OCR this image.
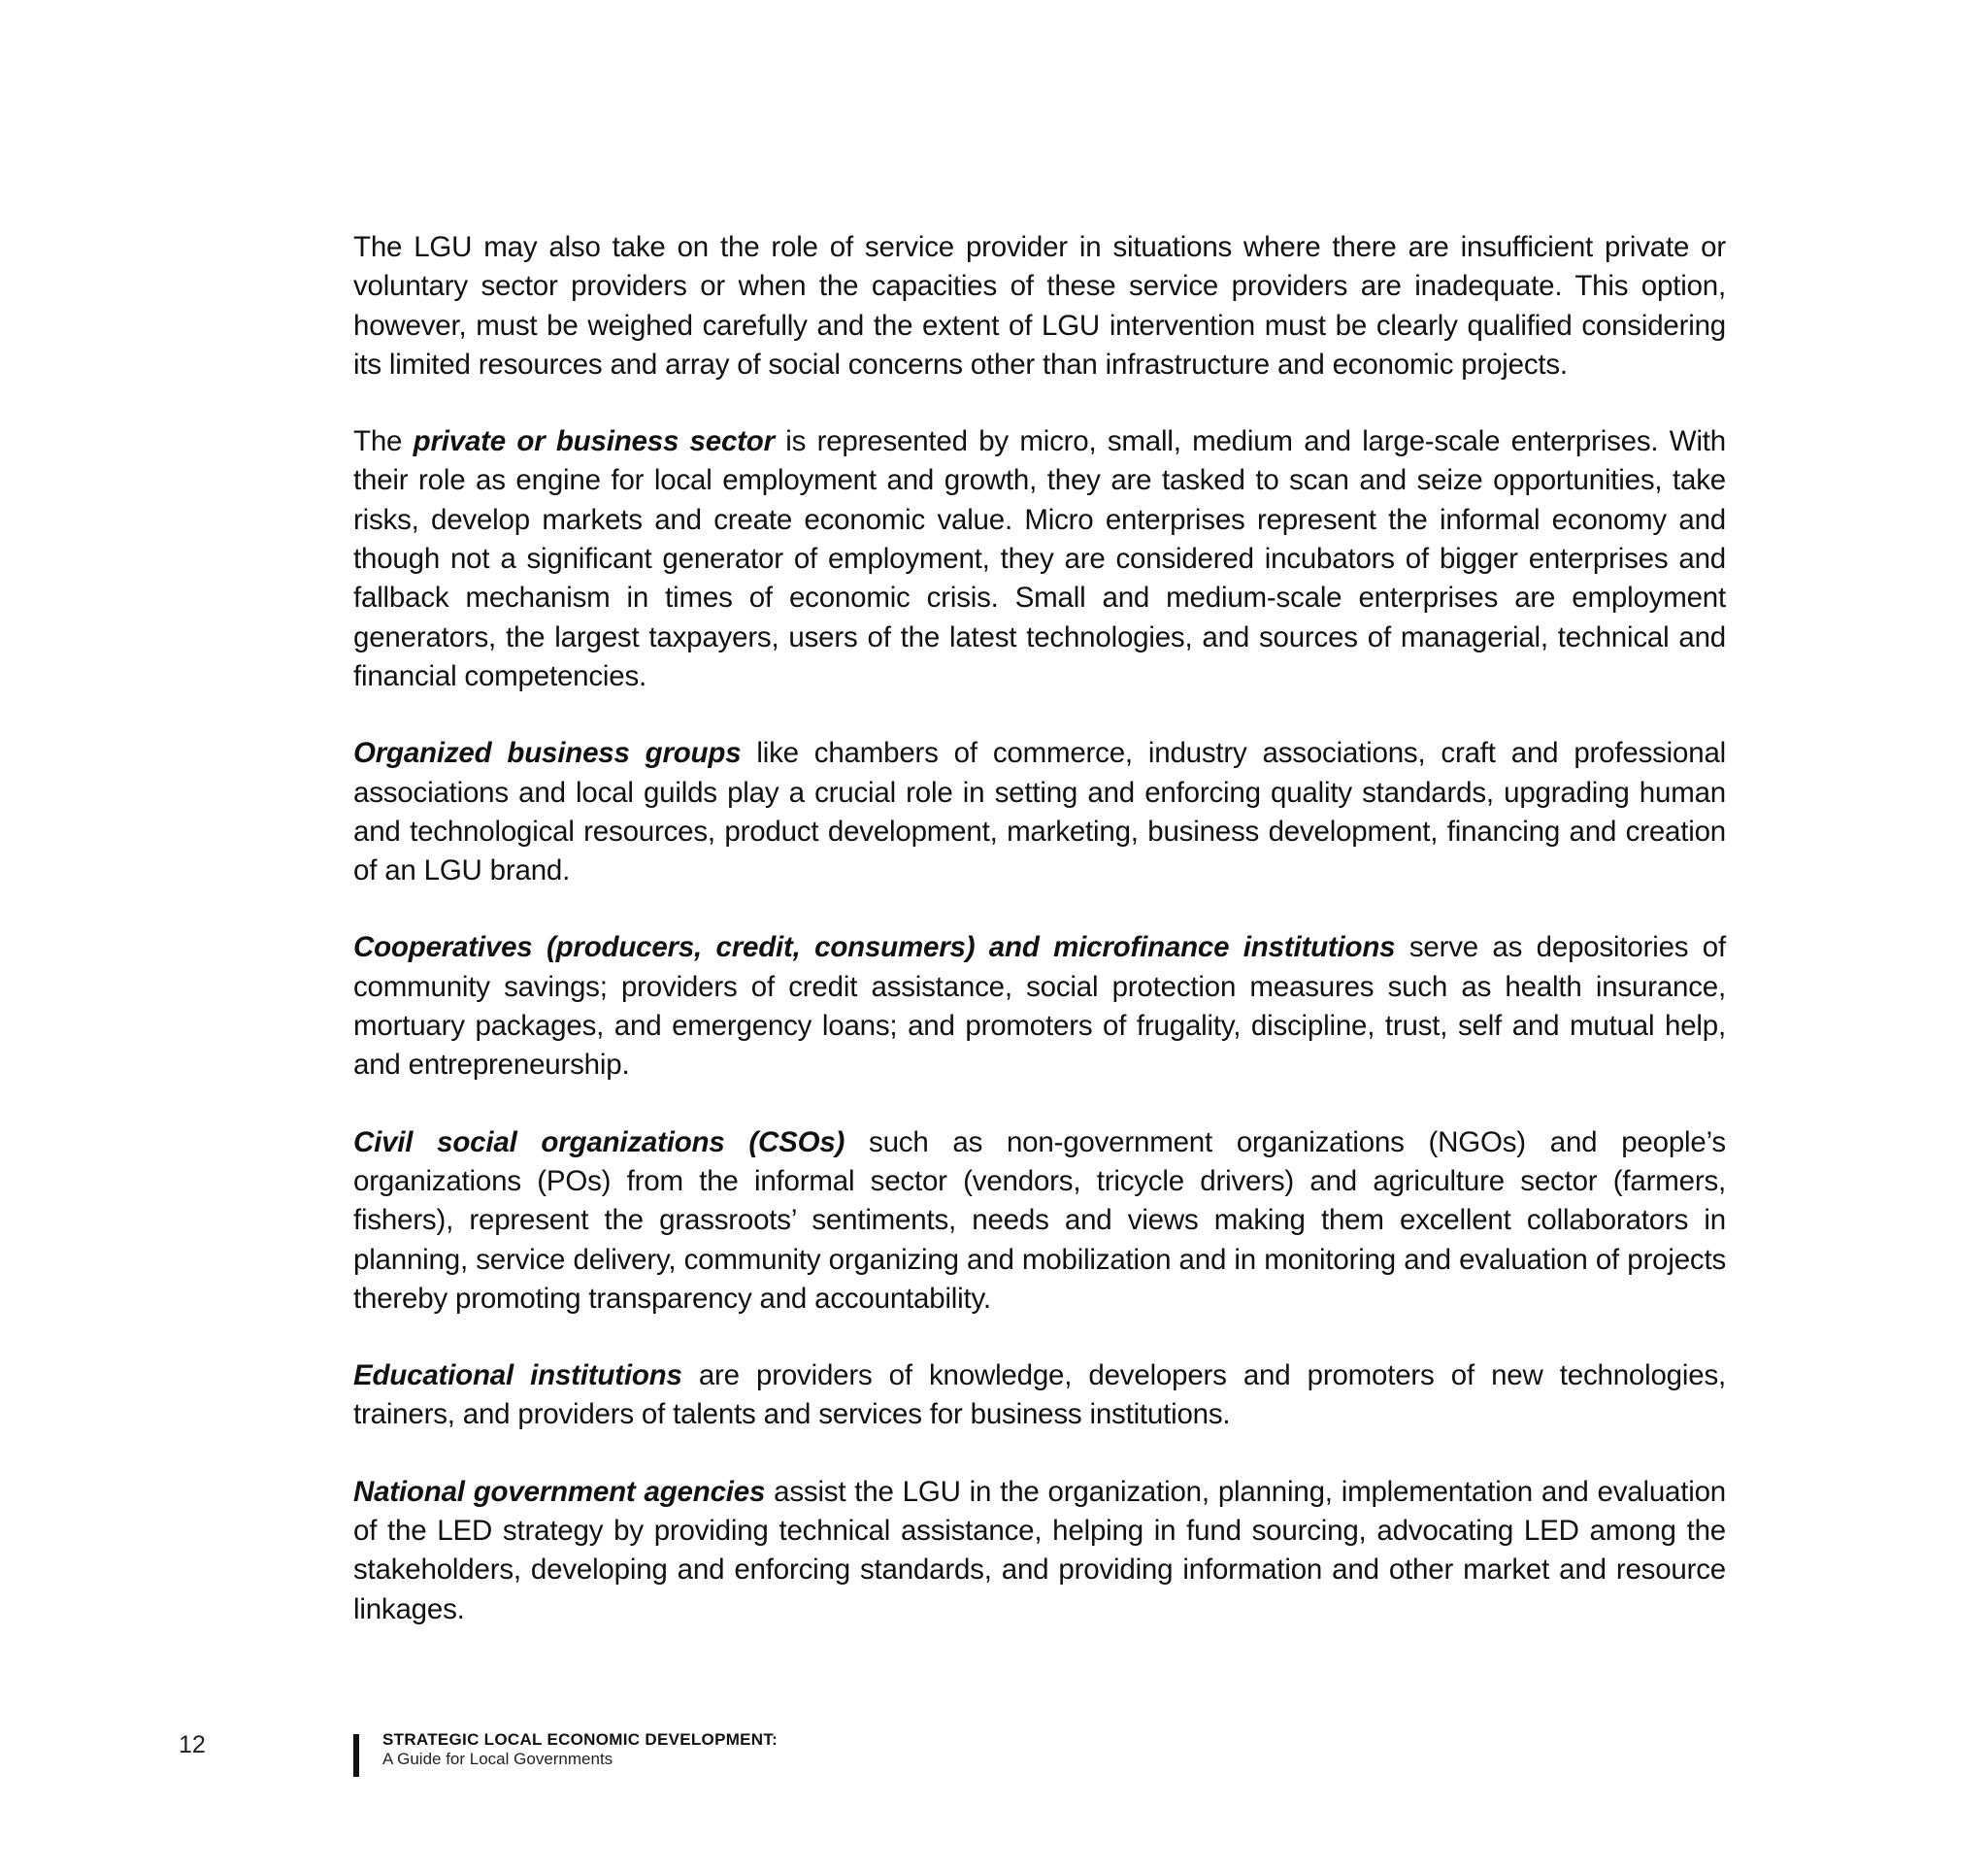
The LGU may also take on the role of service provider in situations where there are insufficient private or voluntary sector providers or when the capacities of these service providers are inadequate. This option, however, must be weighed carefully and the extent of LGU intervention must be clearly qualified considering its limited resources and array of social concerns other than infrastructure and economic projects.

The private or business sector is represented by micro, small, medium and large-scale enterprises. With their role as engine for local employment and growth, they are tasked to scan and seize opportunities, take risks, develop markets and create economic value. Micro enterprises represent the informal economy and though not a significant generator of employment, they are considered incubators of bigger enterprises and fallback mechanism in times of economic crisis. Small and medium-scale enterprises are employment generators, the largest taxpayers, users of the latest technologies, and sources of managerial, technical and financial competencies.

Organized business groups like chambers of commerce, industry associations, craft and professional associations and local guilds play a crucial role in setting and enforcing quality standards, upgrading human and technological resources, product development, marketing, business development, financing and creation of an LGU brand.

Cooperatives (producers, credit, consumers) and microfinance institutions serve as depositories of community savings; providers of credit assistance, social protection measures such as health insurance, mortuary packages, and emergency loans; and promoters of frugality, discipline, trust, self and mutual help, and entrepreneurship.

Civil social organizations (CSOs) such as non-government organizations (NGOs) and people’s organizations (POs) from the informal sector (vendors, tricycle drivers) and agriculture sector (farmers, fishers), represent the grassroots’ sentiments, needs and views making them excellent collaborators in planning, service delivery, community organizing and mobilization and in monitoring and evaluation of projects thereby promoting transparency and accountability.

Educational institutions are providers of knowledge, developers and promoters of new technologies, trainers, and providers of talents and services for business institutions.

National government agencies assist the LGU in the organization, planning, implementation and evaluation of the LED strategy by providing technical assistance, helping in fund sourcing, advocating LED among the stakeholders, developing and enforcing standards, and providing information and other market and resource linkages.

12	STRATEGIC LOCAL ECONOMIC DEVELOPMENT:
A Guide for Local Governments
